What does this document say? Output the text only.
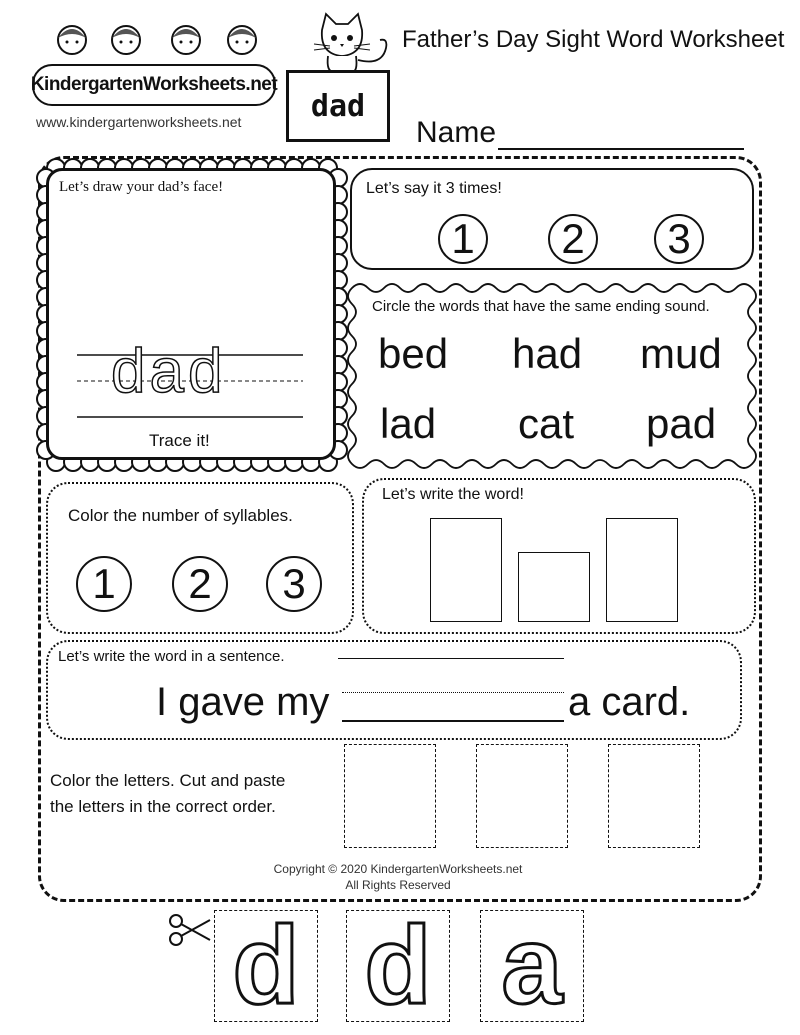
KindergartenWorksheets.net
www.kindergartenworksheets.net
Father’s Day Sight Word Worksheet
dad
Name
Let’s draw your dad’s face!
dad
Trace it!
Let’s say it 3 times!
1	2	3
Circle the words that have the same ending sound.
bed had mud
lad cat pad
Color the number of syllables.
1	2	3
Let’s write the word!
Let’s write the word in a sentence.
I gave my	a card.
Color the letters. Cut and paste
the letters in the correct order.
Copyright © 2020 KindergartenWorksheets.net
All Rights Reserved
d d a
